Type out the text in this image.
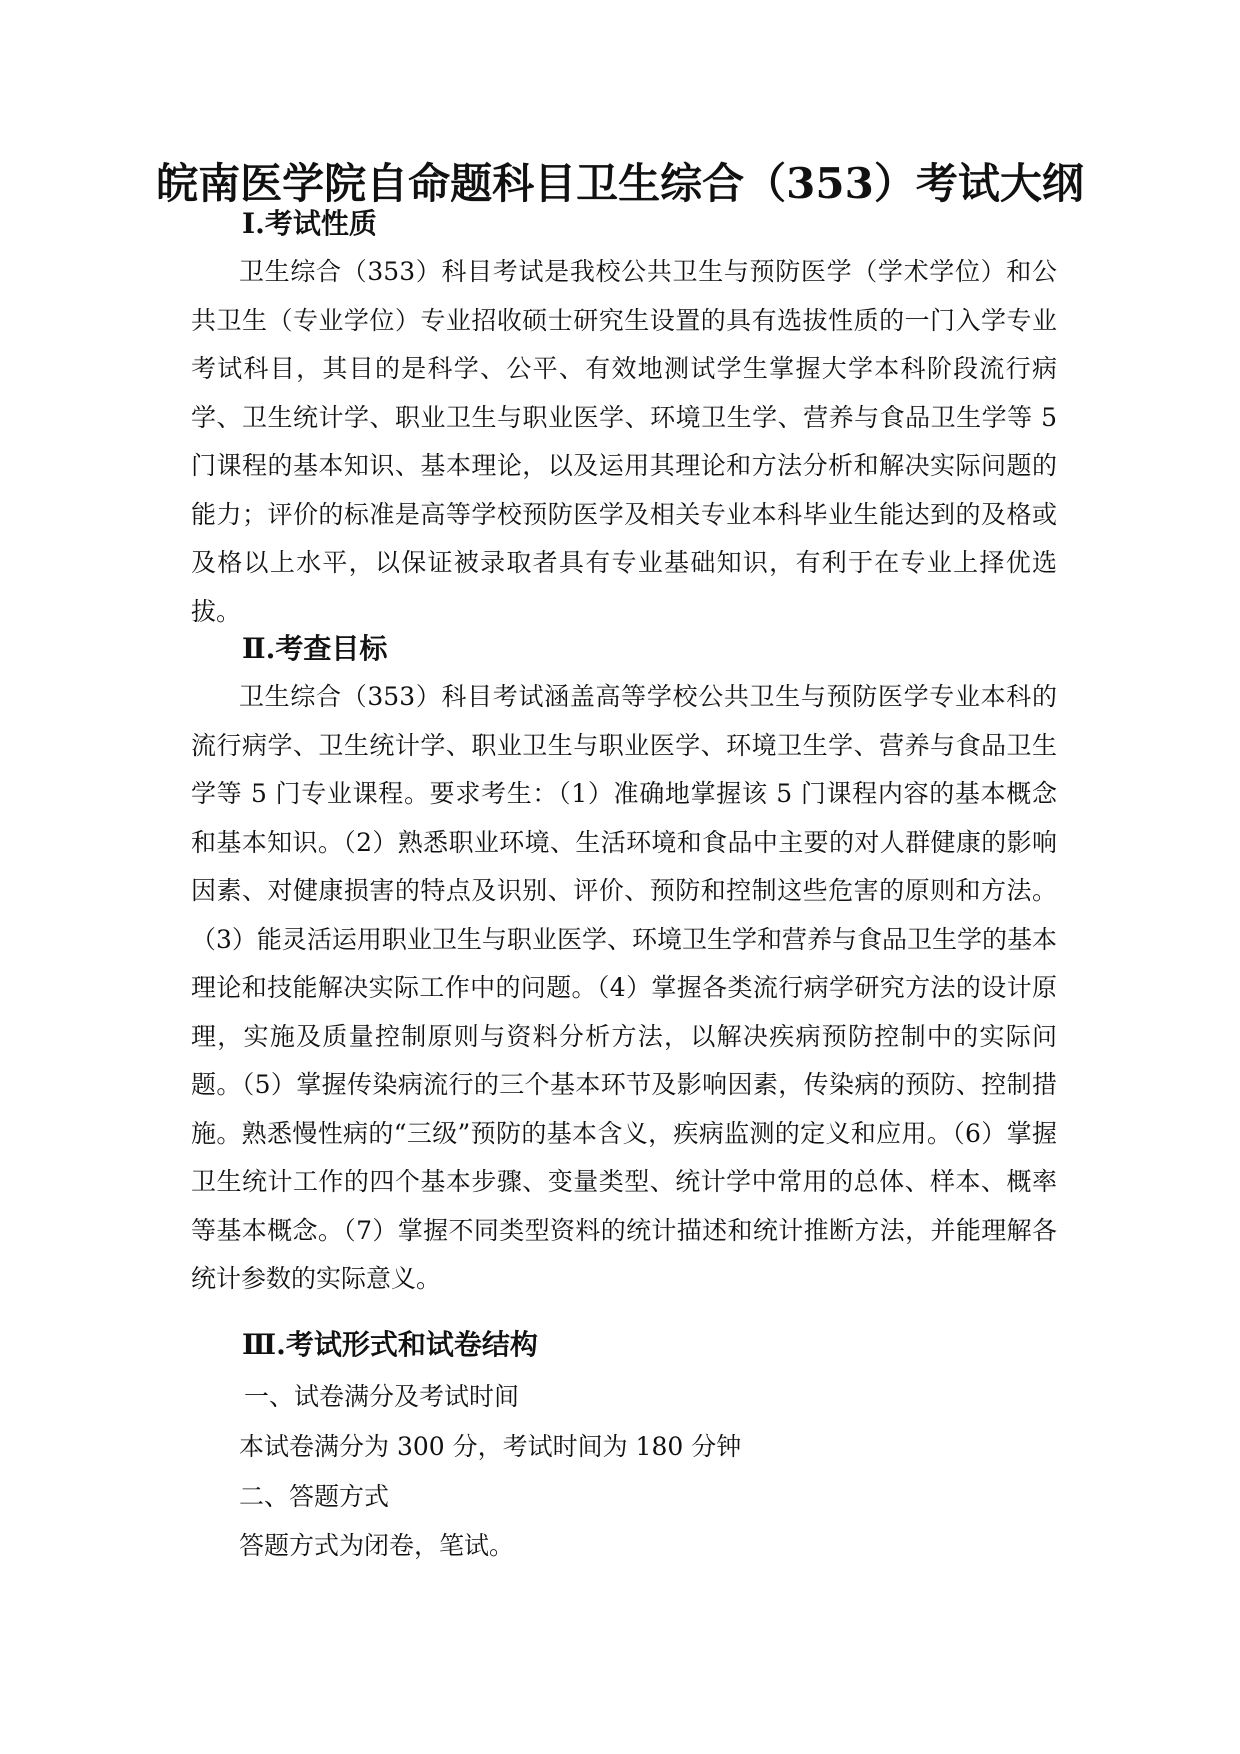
皖南医学院自命题科目卫生综合（353）考试大纲
Ⅰ.考试性质
卫生综合（353）科目考试是我校公共卫生与预防医学（学术学位）和公共卫生（专业学位）专业招收硕士研究生设置的具有选拔性质的一门入学专业考试科目，其目的是科学、公平、有效地测试学生掌握大学本科阶段流行病学、卫生统计学、职业卫生与职业医学、环境卫生学、营养与食品卫生学等 5 门课程的基本知识、基本理论，以及运用其理论和方法分析和解决实际问题的能力；评价的标准是高等学校预防医学及相关专业本科毕业生能达到的及格或及格以上水平，以保证被录取者具有专业基础知识，有利于在专业上择优选拔。
Ⅱ.考查目标
卫生综合（353）科目考试涵盖高等学校公共卫生与预防医学专业本科的流行病学、卫生统计学、职业卫生与职业医学、环境卫生学、营养与食品卫生学等 5 门专业课程。要求考生：（1）准确地掌握该 5 门课程内容的基本概念和基本知识。（2）熟悉职业环境、生活环境和食品中主要的对人群健康的影响因素、对健康损害的特点及识别、评价、预防和控制这些危害的原则和方法。（3）能灵活运用职业卫生与职业医学、环境卫生学和营养与食品卫生学的基本理论和技能解决实际工作中的问题。（4）掌握各类流行病学研究方法的设计原理，实施及质量控制原则与资料分析方法，以解决疾病预防控制中的实际问题。（5）掌握传染病流行的三个基本环节及影响因素，传染病的预防、控制措施。熟悉慢性病的“三级”预防的基本含义，疾病监测的定义和应用。（6）掌握卫生统计工作的四个基本步骤、变量类型、统计学中常用的总体、样本、概率等基本概念。（7）掌握不同类型资料的统计描述和统计推断方法，并能理解各统计参数的实际意义。
Ⅲ.考试形式和试卷结构
一、试卷满分及考试时间
本试卷满分为 300 分，考试时间为 180 分钟
二、答题方式
答题方式为闭卷，笔试。
